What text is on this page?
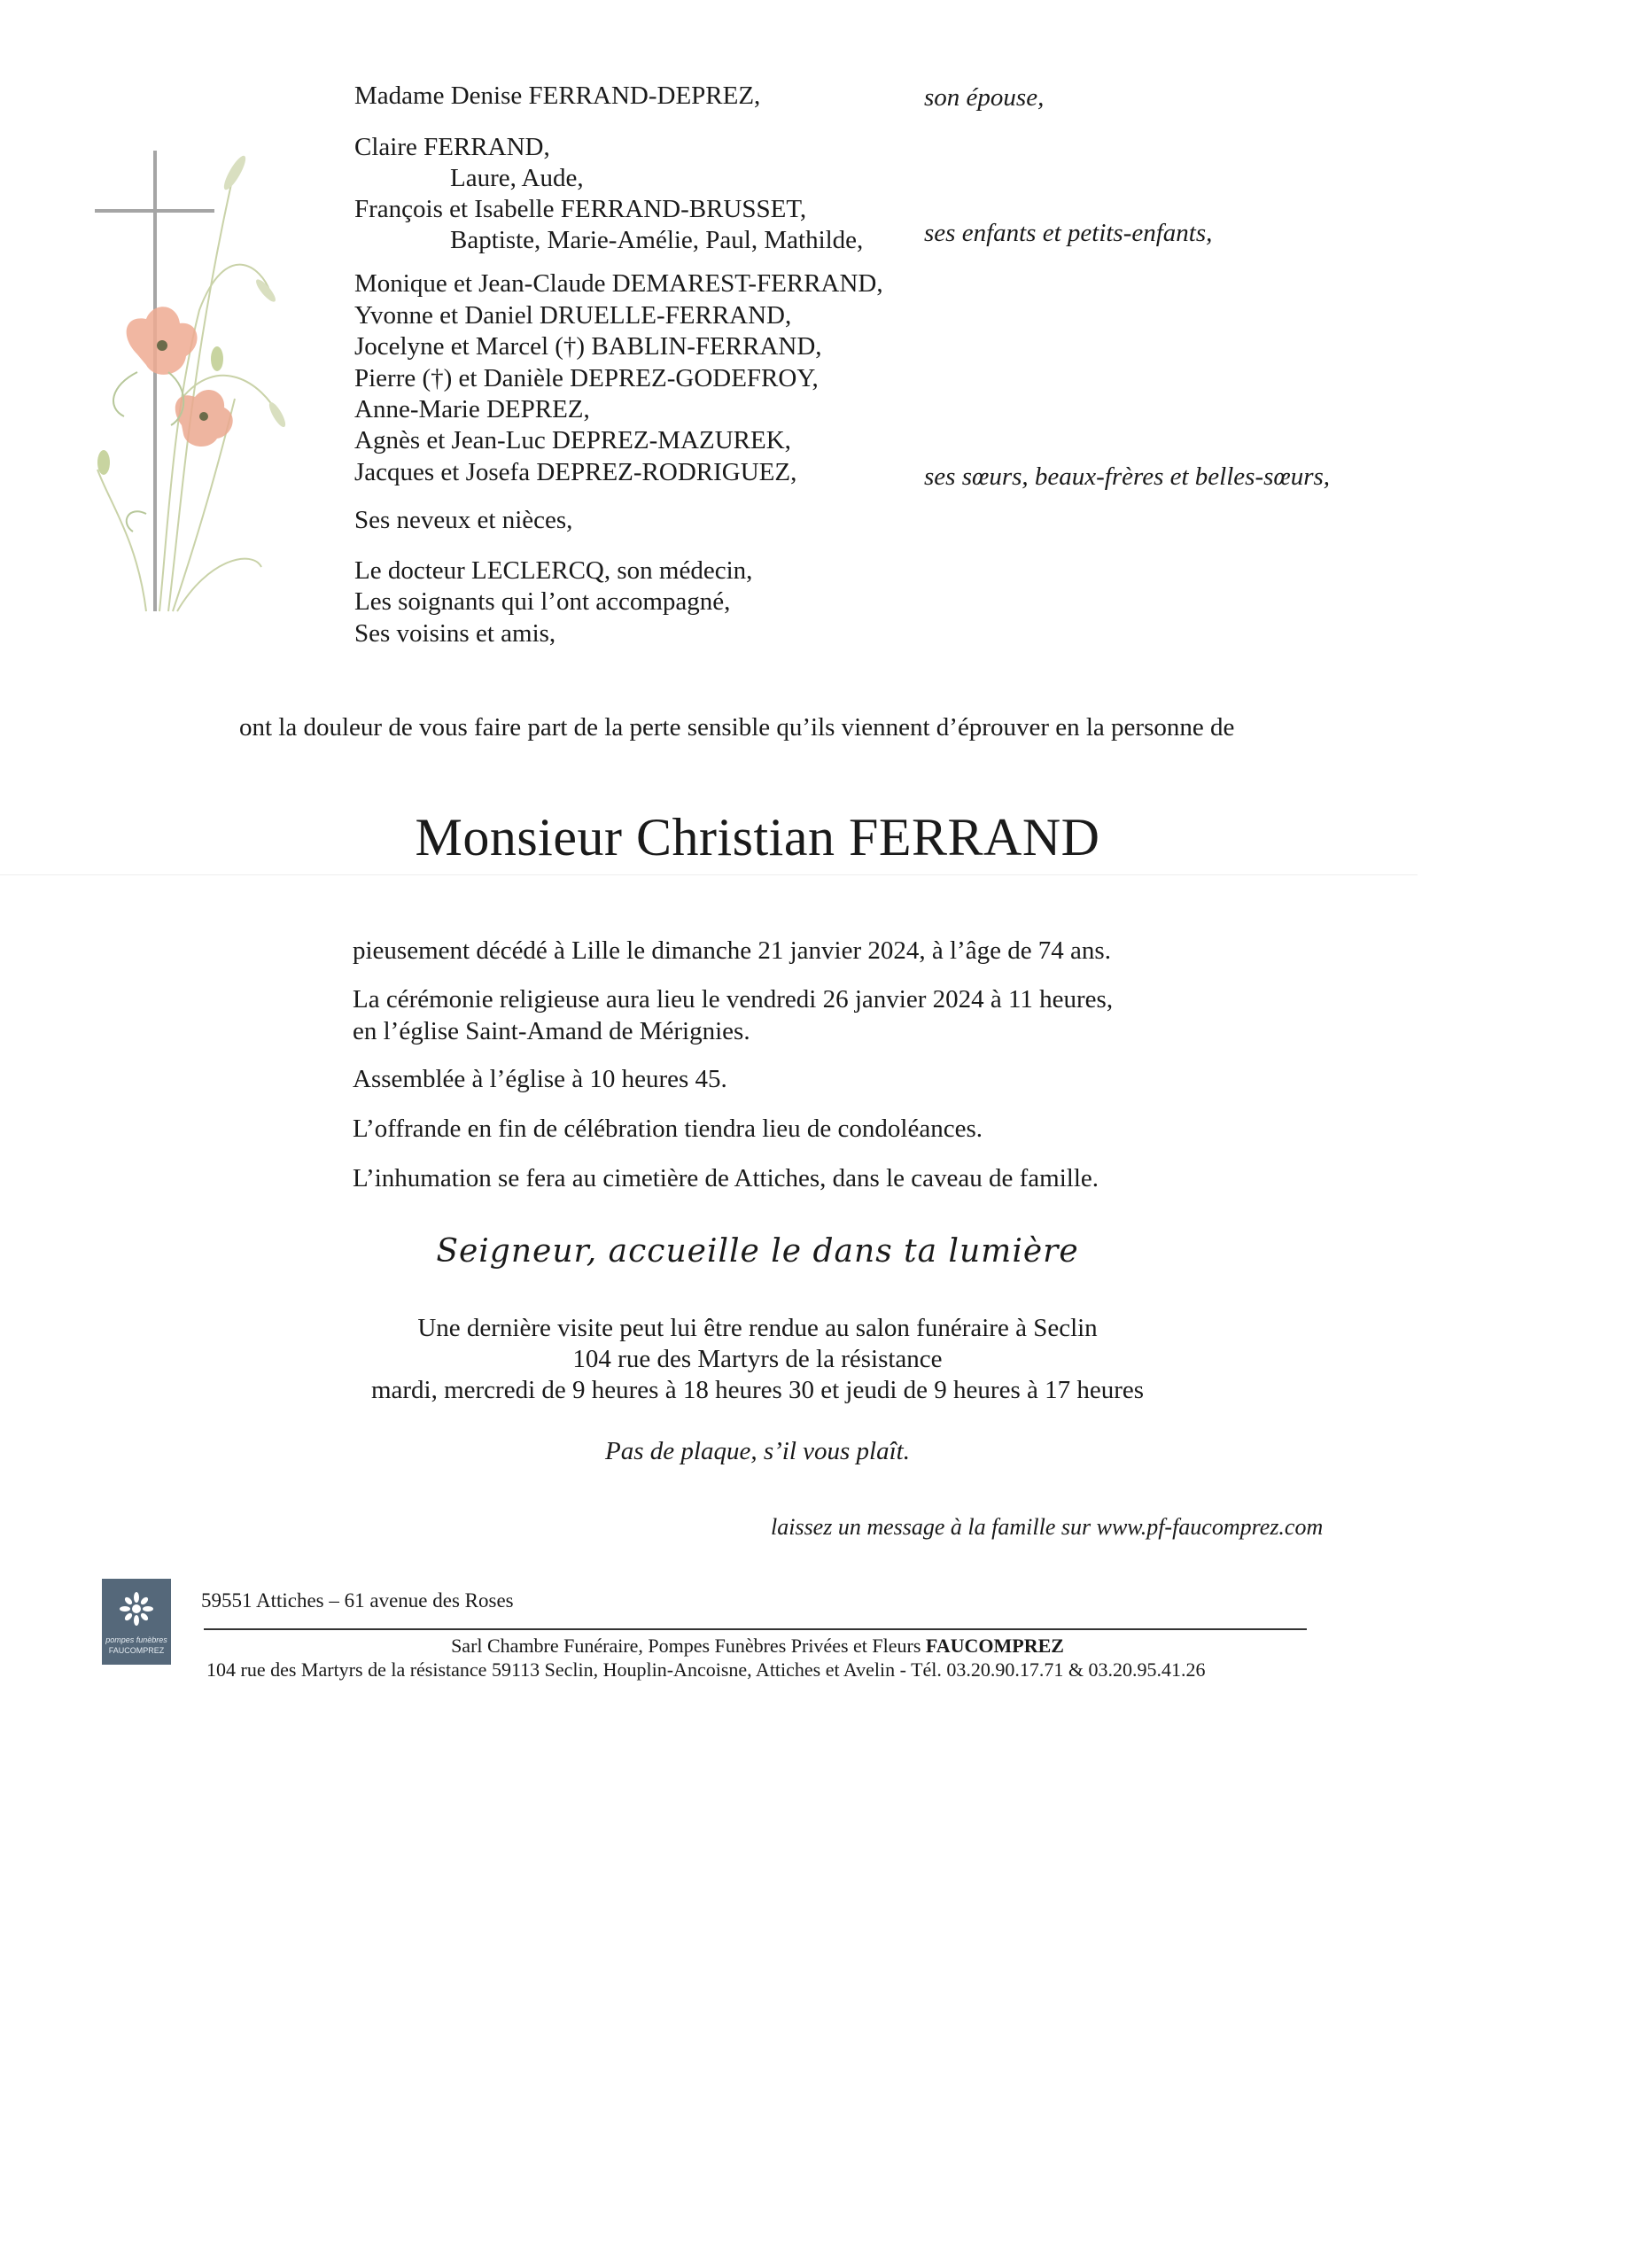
Madame Denise FERRAND-DEPREZ,	son épouse,
Claire FERRAND,
Laure, Aude,
François et Isabelle FERRAND-BRUSSET,
Baptiste, Marie-Amélie, Paul, Mathilde, ses enfants et petits-enfants,
Monique et Jean-Claude DEMAREST-FERRAND,
Yvonne et Daniel DRUELLE-FERRAND,
Jocelyne et Marcel (†) BABLIN-FERRAND,
Pierre (†) et Danièle DEPREZ-GODEFROY,
Anne-Marie DEPREZ,
Agnès et Jean-Luc DEPREZ-MAZUREK,
Jacques et Josefa DEPREZ-RODRIGUEZ,	ses sœurs, beaux-frères et belles-sœurs,
Ses neveux et nièces,
Le docteur LECLERCQ, son médecin,
Les soignants qui l’ont accompagné,
Ses voisins et amis,
ont la douleur de vous faire part de la perte sensible qu’ils viennent d’éprouver en la personne de
Monsieur Christian FERRAND
pieusement décédé à Lille le dimanche 21 janvier 2024, à l’âge de 74 ans.
La cérémonie religieuse aura lieu le vendredi 26 janvier 2024 à 11 heures,
en l’église Saint-Amand de Mérignies.
Assemblée à l’église à 10 heures 45.
L’offrande en fin de célébration tiendra lieu de condoléances.
L’inhumation se fera au cimetière de Attiches, dans le caveau de famille.
Seigneur, accueille le dans ta lumière
Une dernière visite peut lui être rendue au salon funéraire à Seclin
104 rue des Martyrs de la résistance
mardi, mercredi de 9 heures à 18 heures 30 et jeudi de 9 heures à 17 heures
Pas de plaque, s’il vous plaît.
laissez un message à la famille sur www.pf-faucomprez.com
pompes funèbres
FAUCOMPREZ
59551 Attiches – 61 avenue des Roses
Sarl Chambre Funéraire, Pompes Funèbres Privées et Fleurs FAUCOMPREZ
104 rue des Martyrs de la résistance 59113 Seclin, Houplin-Ancoisne, Attiches et Avelin - Tél. 03.20.90.17.71 & 03.20.95.41.26
